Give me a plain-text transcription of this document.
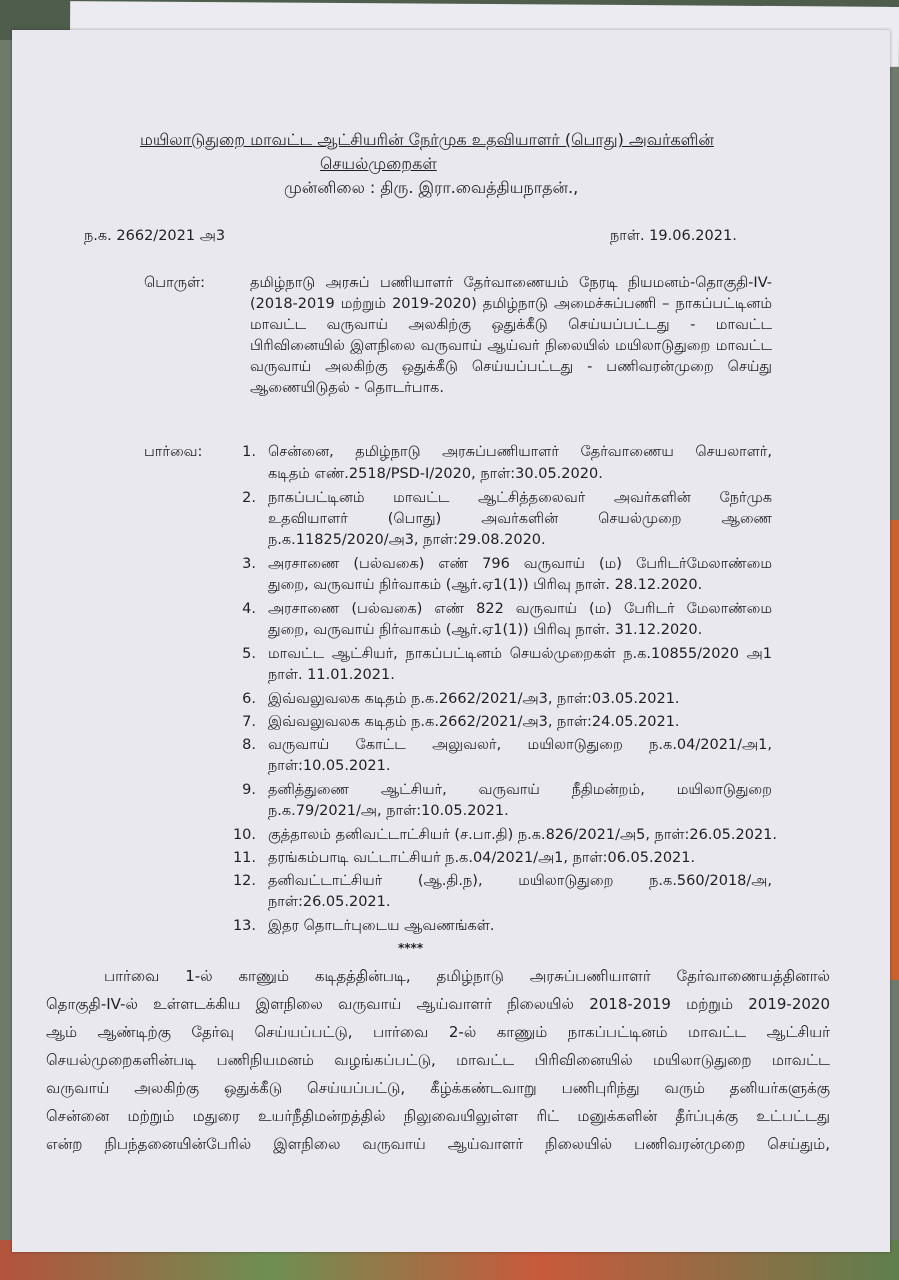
மயிலாடுதுறை மாவட்ட ஆட்சியரின் நேர்முக உதவியாளர் (பொது) அவர்களின்
செயல்முறைகள்
முன்னிலை : திரு. இரா.வைத்தியநாதன்.,
ந.க. 2662/2021 அ3	நாள். 19.06.2021.
பொருள்:	தமிழ்நாடு அரசுப் பணியாளர் தேர்வாணையம் நேரடி நியமனம்-தொகுதி-IV-
(2018-2019 மற்றும் 2019-2020) தமிழ்நாடு அமைச்சுப்பணி – நாகப்பட்டினம்
மாவட்ட வருவாய் அலகிற்கு ஒதுக்கீடு செய்யப்பட்டது - மாவட்ட
பிரிவினையில் இளநிலை வருவாய் ஆய்வர் நிலையில் மயிலாடுதுறை மாவட்ட
வருவாய் அலகிற்கு ஒதுக்கீடு செய்யப்பட்டது - பணிவரன்முறை செய்து
ஆணையிடுதல் - தொடர்பாக.
பார்வை:	1. சென்னை, தமிழ்நாடு அரசுப்பணியாளர் தேர்வாணைய செயலாளர்,
கடிதம் எண்.2518/PSD-I/2020, நாள்:30.05.2020.
2. நாகப்பட்டினம் மாவட்ட ஆட்சித்தலைவர் அவர்களின் நேர்முக
உதவியாளர் (பொது) அவர்களின் செயல்முறை ஆணை
ந.க.11825/2020/அ3, நாள்:29.08.2020.
3. அரசாணை (பல்வகை) எண் 796 வருவாய் (ம) பேரிடர்மேலாண்மை
துறை, வருவாய் நிர்வாகம் (ஆர்.ஏ1(1)) பிரிவு நாள். 28.12.2020.
4. அரசாணை (பல்வகை) எண் 822 வருவாய் (ம) பேரிடர் மேலாண்மை
துறை, வருவாய் நிர்வாகம் (ஆர்.ஏ1(1)) பிரிவு நாள். 31.12.2020.
5. மாவட்ட ஆட்சியர், நாகப்பட்டினம் செயல்முறைகள் ந.க.10855/2020 அ1
நாள். 11.01.2021.
6. இவ்வலுவலக கடிதம் ந.க.2662/2021/அ3, நாள்:03.05.2021.
7. இவ்வலுவலக கடிதம் ந.க.2662/2021/அ3, நாள்:24.05.2021.
8. வருவாய் கோட்ட அலுவலர், மயிலாடுதுறை ந.க.04/2021/அ1,
நாள்:10.05.2021.
9. தனித்துணை ஆட்சியர், வருவாய் நீதிமன்றம், மயிலாடுதுறை
ந.க.79/2021/அ, நாள்:10.05.2021.
10. குத்தாலம் தனிவட்டாட்சியர் (ச.பா.தி) ந.க.826/2021/அ5, நாள்:26.05.2021.
11. தரங்கம்பாடி வட்டாட்சியர் ந.க.04/2021/அ1, நாள்:06.05.2021.
12. தனிவட்டாட்சியர் (ஆ.தி.ந), மயிலாடுதுறை ந.க.560/2018/அ,
நாள்:26.05.2021.
13. இதர தொடர்புடைய ஆவணங்கள்.
****
பார்வை 1-ல் காணும் கடிதத்தின்படி, தமிழ்நாடு அரசுப்பணியாளர் தேர்வாணையத்தினால்
தொகுதி-IV-ல் உள்ளடக்கிய இளநிலை வருவாய் ஆய்வாளர் நிலையில் 2018-2019 மற்றும் 2019-2020
ஆம் ஆண்டிற்கு தேர்வு செய்யப்பட்டு, பார்வை 2-ல் காணும் நாகப்பட்டினம் மாவட்ட ஆட்சியர்
செயல்முறைகளின்படி பணிநியமனம் வழங்கப்பட்டு, மாவட்ட பிரிவினையில் மயிலாடுதுறை மாவட்ட
வருவாய் அலகிற்கு ஒதுக்கீடு செய்யப்பட்டு, கீழ்க்கண்டவாறு பணிபுரிந்து வரும் தனியர்களுக்கு
சென்னை மற்றும் மதுரை உயர்நீதிமன்றத்தில் நிலுவையிலுள்ள ரிட் மனுக்களின் தீர்ப்புக்கு உட்பட்டது
என்ற நிபந்தனையின்பேரில் இளநிலை வருவாய் ஆய்வாளர் நிலையில் பணிவரன்முறை செய்தும்,
